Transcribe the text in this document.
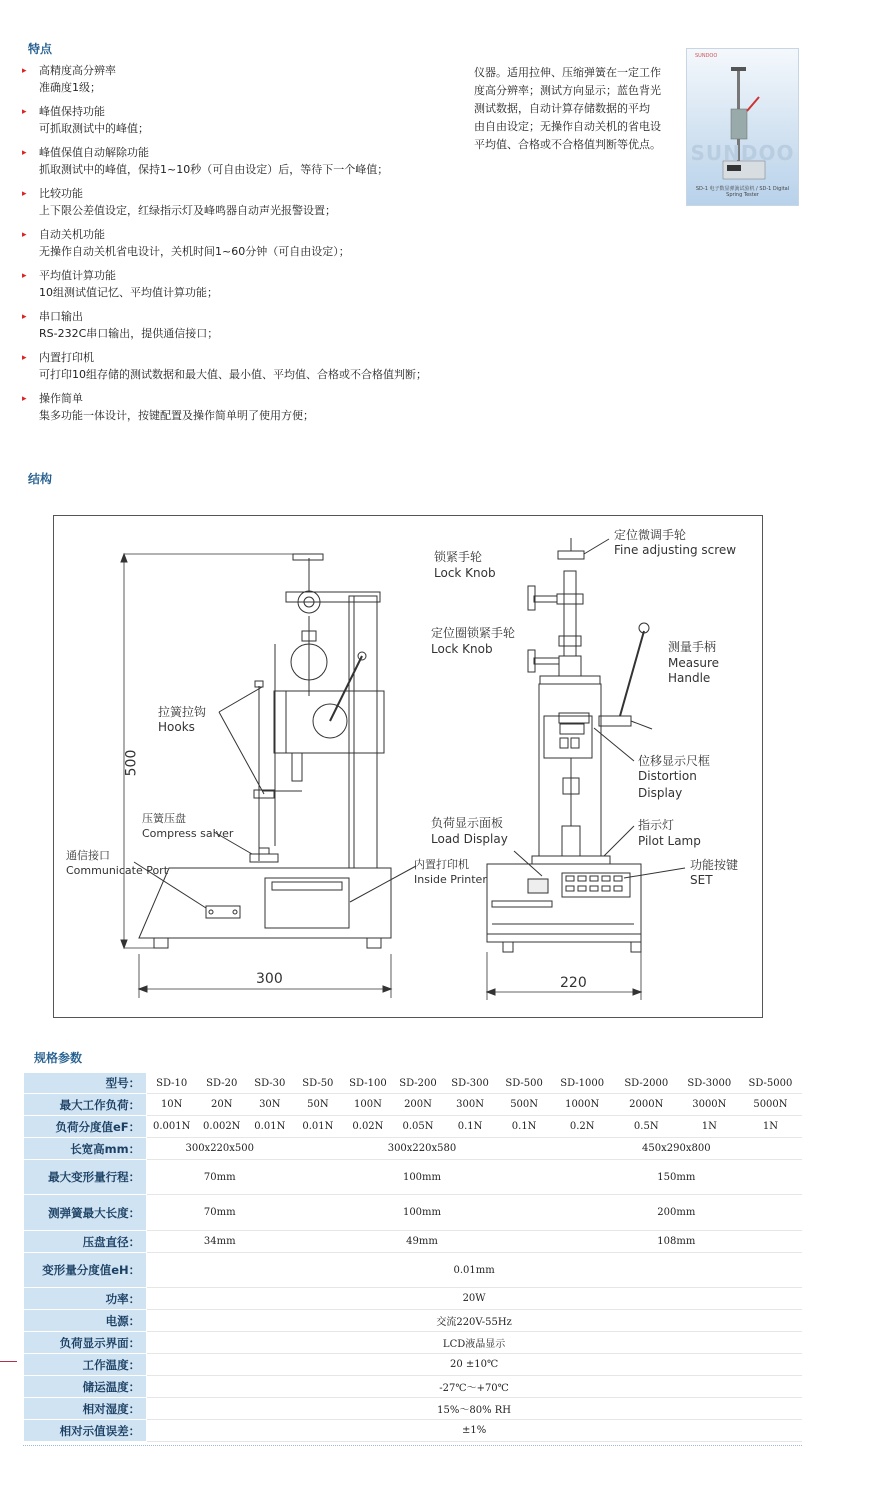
特点
▸ 高精度高分辨率
准确度1级；
▸ 峰值保持功能
可抓取测试中的峰值；
▸ 峰值保值自动解除功能
抓取测试中的峰值，保持1~10秒（可自由设定）后，等待下一个峰值；
▸ 比较功能
上下限公差值设定，红绿指示灯及峰鸣器自动声光报警设置；
▸ 自动关机功能
无操作自动关机省电设计，关机时间1~60分钟（可自由设定）；
▸ 平均值计算功能
10组测试值记忆、平均值计算功能；
▸ 串口输出
RS-232C串口输出，提供通信接口；
▸ 内置打印机
可打印10组存储的测试数据和最大值、最小值、平均值、合格或不合格值判断；
▸ 操作简单
集多功能一体设计，按键配置及操作简单明了使用方便；
仪器。适用拉伸、压缩弹簧在一定工作
度高分辨率；测试方向显示；蓝色背光
测试数据，自动计算存储数据的平均
由自由设定；无操作自动关机的省电设
平均值、合格或不合格值判断等优点。
SUNDOO
SUNDOO
SD-1 电子数显弹簧试验机 / SD-1 Digital Spring Tester
结构
拉簧拉钩
Hooks
压簧压盘
Compress salver
通信接口
Communicate Port	内置打印机
Inside Printer
500
300
锁紧手轮
Lock Knob
定位圈锁紧手轮
Lock Knob
定位微调手轮
Fine adjusting screw
测量手柄
Measure
Handle
位移显示尺框
Distortion
Display
负荷显示面板
Load Display
指示灯
Pilot Lamp
功能按键
SET
220
规格参数
型号：	SD-10	SD-20	SD-30	SD-50	SD-100	SD-200	SD-300	SD-500	SD-1000	SD-2000	SD-3000	SD-5000
最大工作负荷：	10N	20N	30N	50N	100N	200N	300N	500N	1000N	2000N	3000N	5000N
负荷分度值eF：	0.001N	0.002N	0.01N	0.01N	0.02N	0.05N	0.1N	0.1N	0.2N	0.5N	1N	1N
长宽高mm：	300x220x500			300x220x580					450x290x800			
最大变形量行程：	70mm			100mm					150mm			
测弹簧最大长度：	70mm			100mm					200mm			
压盘直径：	34mm			49mm					108mm			
变形量分度值eH：	0.01mm											
功率：	20W											
电源：	交流220V-55Hz											
负荷显示界面：	LCD液晶显示											
工作温度：	20 ±10℃											
储运温度：	-27℃～+70℃											
相对湿度：	15%～80% RH											
相对示值误差：	±1%											
